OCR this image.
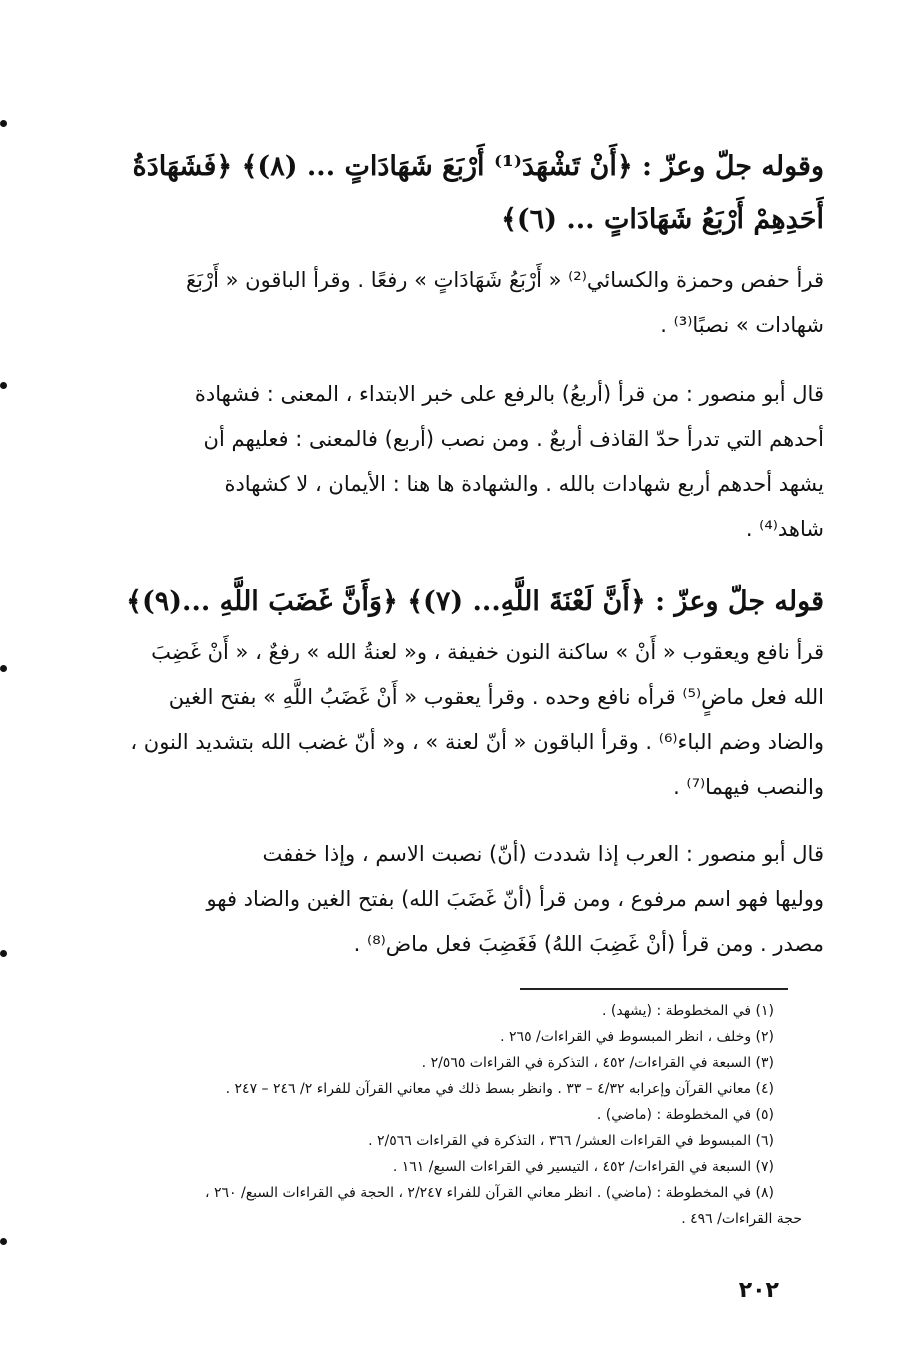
وقوله جلّ وعزّ : ﴿أَنْ تَشْهَدَ⁽¹⁾ أَرْبَعَ شَهَادَاتٍ ... (٨)﴾ ﴿فَشَهَادَةُ
أَحَدِهِمْ أَرْبَعُ شَهَادَاتٍ ... (٦)﴾
قرأ حفص وحمزة والكسائي⁽²⁾ « أَرْبَعُ شَهَادَاتٍ » رفعًا . وقرأ الباقون « أَرْبَعَ
شهادات » نصبًا⁽³⁾ .
قال أبو منصور : من قرأ (أربعُ) بالرفع على خبر الابتداء ، المعنى : فشهادة
أحدهم التي تدرأ حدّ القاذف أربعٌ . ومن نصب (أربع) فالمعنى : فعليهم أن
يشهد أحدهم أربع شهادات بالله . والشهادة ها هنا : الأيمان ، لا كشهادة
شاهد⁽⁴⁾ .
قوله جلّ وعزّ : ﴿أَنَّ لَعْنَةَ اللَّهِ... (٧)﴾ ﴿وَأَنَّ غَضَبَ اللَّهِ ...(٩)﴾
قرأ نافع ويعقوب « أَنْ » ساكنة النون خفيفة ، و« لعنةُ الله » رفعٌ ، « أَنْ غَضِبَ
الله فعل ماضٍ⁽⁵⁾ قرأه نافع وحده . وقرأ يعقوب « أَنْ غَضَبُ اللَّهِ » بفتح الغين
والضاد وضم الباء⁽⁶⁾ . وقرأ الباقون « أنّ لعنة » ، و« أنّ غضب الله بتشديد النون ،
والنصب فيهما⁽⁷⁾ .
قال أبو منصور : العرب إذا شددت (أنّ) نصبت الاسم ، وإذا خففت
ووليها فهو اسم مرفوع ، ومن قرأ (أنّ غَضَبَ الله) بفتح الغين والضاد فهو
مصدر . ومن قرأ (أنْ غَضِبَ اللهُ) فَغَضِبَ فعل ماض⁽⁸⁾ .
(١) في المخطوطة : (يشهد) .
(٢) وخلف ، انظر المبسوط في القراءات/ ٢٦٥ .
(٣) السبعة في القراءات/ ٤٥٢ ، التذكرة في القراءات ٢/٥٦٥ .
(٤) معاني القرآن وإعرابه ٤/٣٢ – ٣٣ . وانظر بسط ذلك في معاني القرآن للفراء ٢/ ٢٤٦ – ٢٤٧ .
(٥) في المخطوطة : (ماضي) .
(٦) المبسوط في القراءات العشر/ ٣٦٦ ، التذكرة في القراءات ٢/٥٦٦ .
(٧) السبعة في القراءات/ ٤٥٢ ، التيسير في القراءات السبع/ ١٦١ .
(٨) في المخطوطة : (ماضي) . انظر معاني القرآن للفراء ٢/٢٤٧ ، الحجة في القراءات السبع/ ٢٦٠ ،
حجة القراءات/ ٤٩٦ .
٢٠٢
